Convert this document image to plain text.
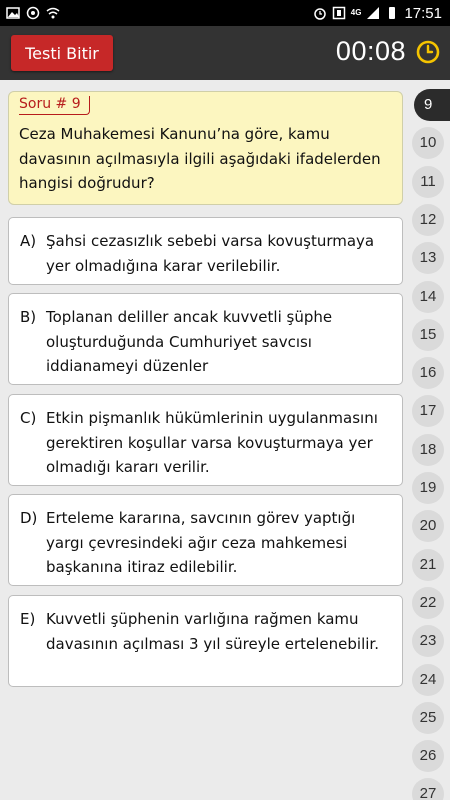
4G	17:51
Testi Bitir	00:08
Soru # 9
Ceza Muhakemesi Kanunu’na göre, kamu davasının açılmasıyla ilgili aşağıdaki ifadelerden hangisi doğrudur?
A) Şahsi cezasızlık sebebi varsa kovuşturmaya yer olmadığına karar verilebilir.
B) Toplanan deliller ancak kuvvetli şüphe oluşturduğunda Cumhuriyet savcısı iddianameyi düzenler
C) Etkin pişmanlık hükümlerinin uygulanmasını gerektiren koşullar varsa kovuşturmaya yer olmadığı kararı verilir.
D) Erteleme kararına, savcının görev yaptığı yargı çevresindeki ağır ceza mahkemesi başkanına itiraz edilebilir.
E) Kuvvetli şüphenin varlığına rağmen kamu davasının açılması 3 yıl süreyle ertelenebilir.
9
10
11
12
13
14
15
16
17
18
19
20
21
22
23
24
25
26
27
